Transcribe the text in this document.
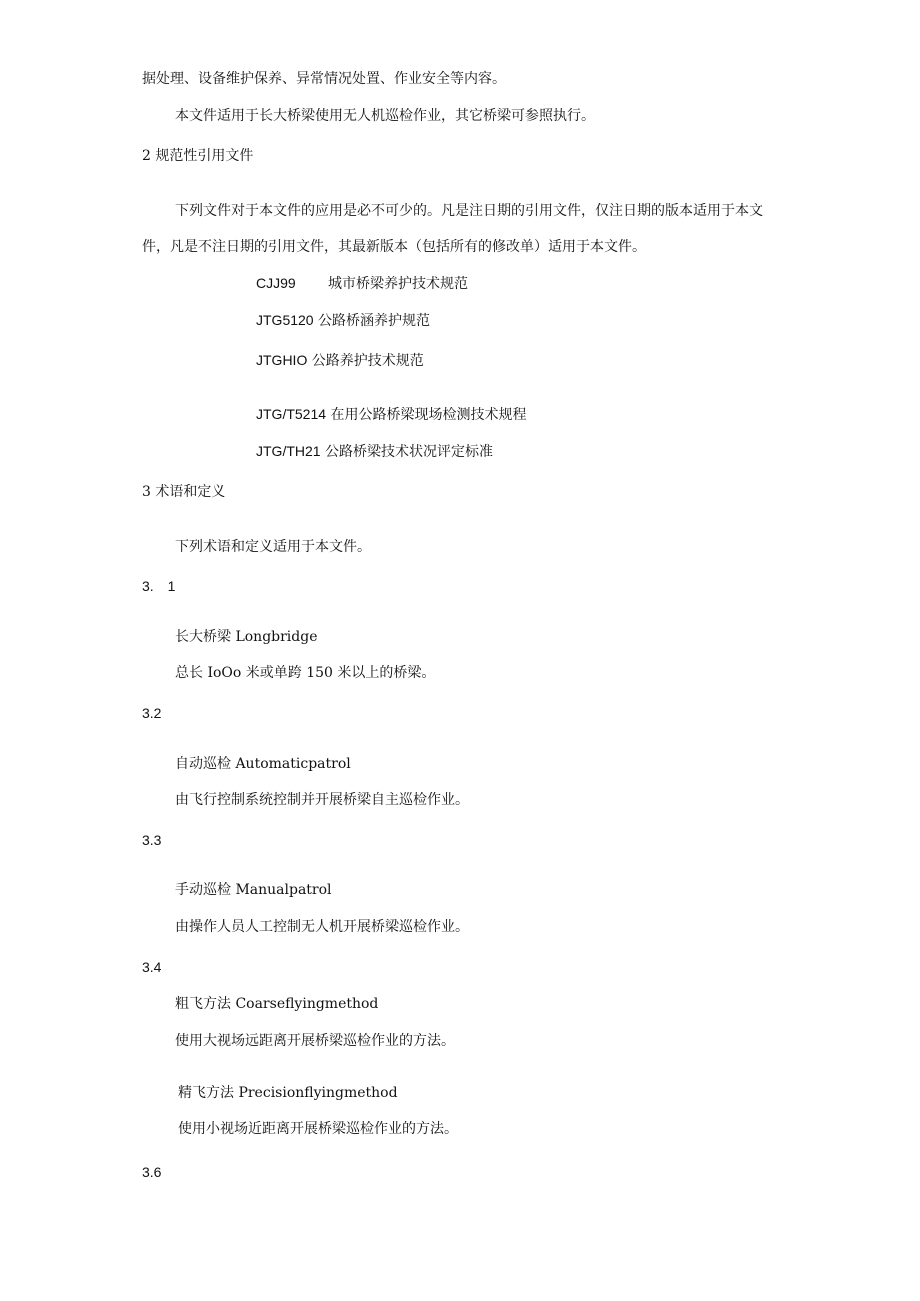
据处理、设备维护保养、异常情况处置、作业安全等内容。
本文件适用于长大桥梁使用无人机巡检作业，其它桥梁可参照执行。
2 规范性引用文件
下列文件对于本文件的应用是必不可少的。凡是注日期的引用文件，仅注日期的版本适用于本文
件，凡是不注日期的引用文件，其最新版本（包括所有的修改单）适用于本文件。
CJJ99 城市桥梁养护技术规范
JTG5120 公路桥涵养护规范
JTGHIO 公路养护技术规范
JTG/T5214 在用公路桥梁现场检测技术规程
JTG/TH21 公路桥梁技术状况评定标准
3 术语和定义
下列术语和定义适用于本文件。
3.　1
长大桥梁 Longbridge
总长 IoOo 米或单跨 150 米以上的桥梁。
3.2
自动巡检 Automaticpatrol
由飞行控制系统控制并开展桥梁自主巡检作业。
3.3
手动巡检 Manualpatrol
由操作人员人工控制无人机开展桥梁巡检作业。
3.4
粗飞方法 Coarseflyingmethod
使用大视场远距离开展桥梁巡检作业的方法。
精飞方法 Precisionflyingmethod
使用小视场近距离开展桥梁巡检作业的方法。
3.6
